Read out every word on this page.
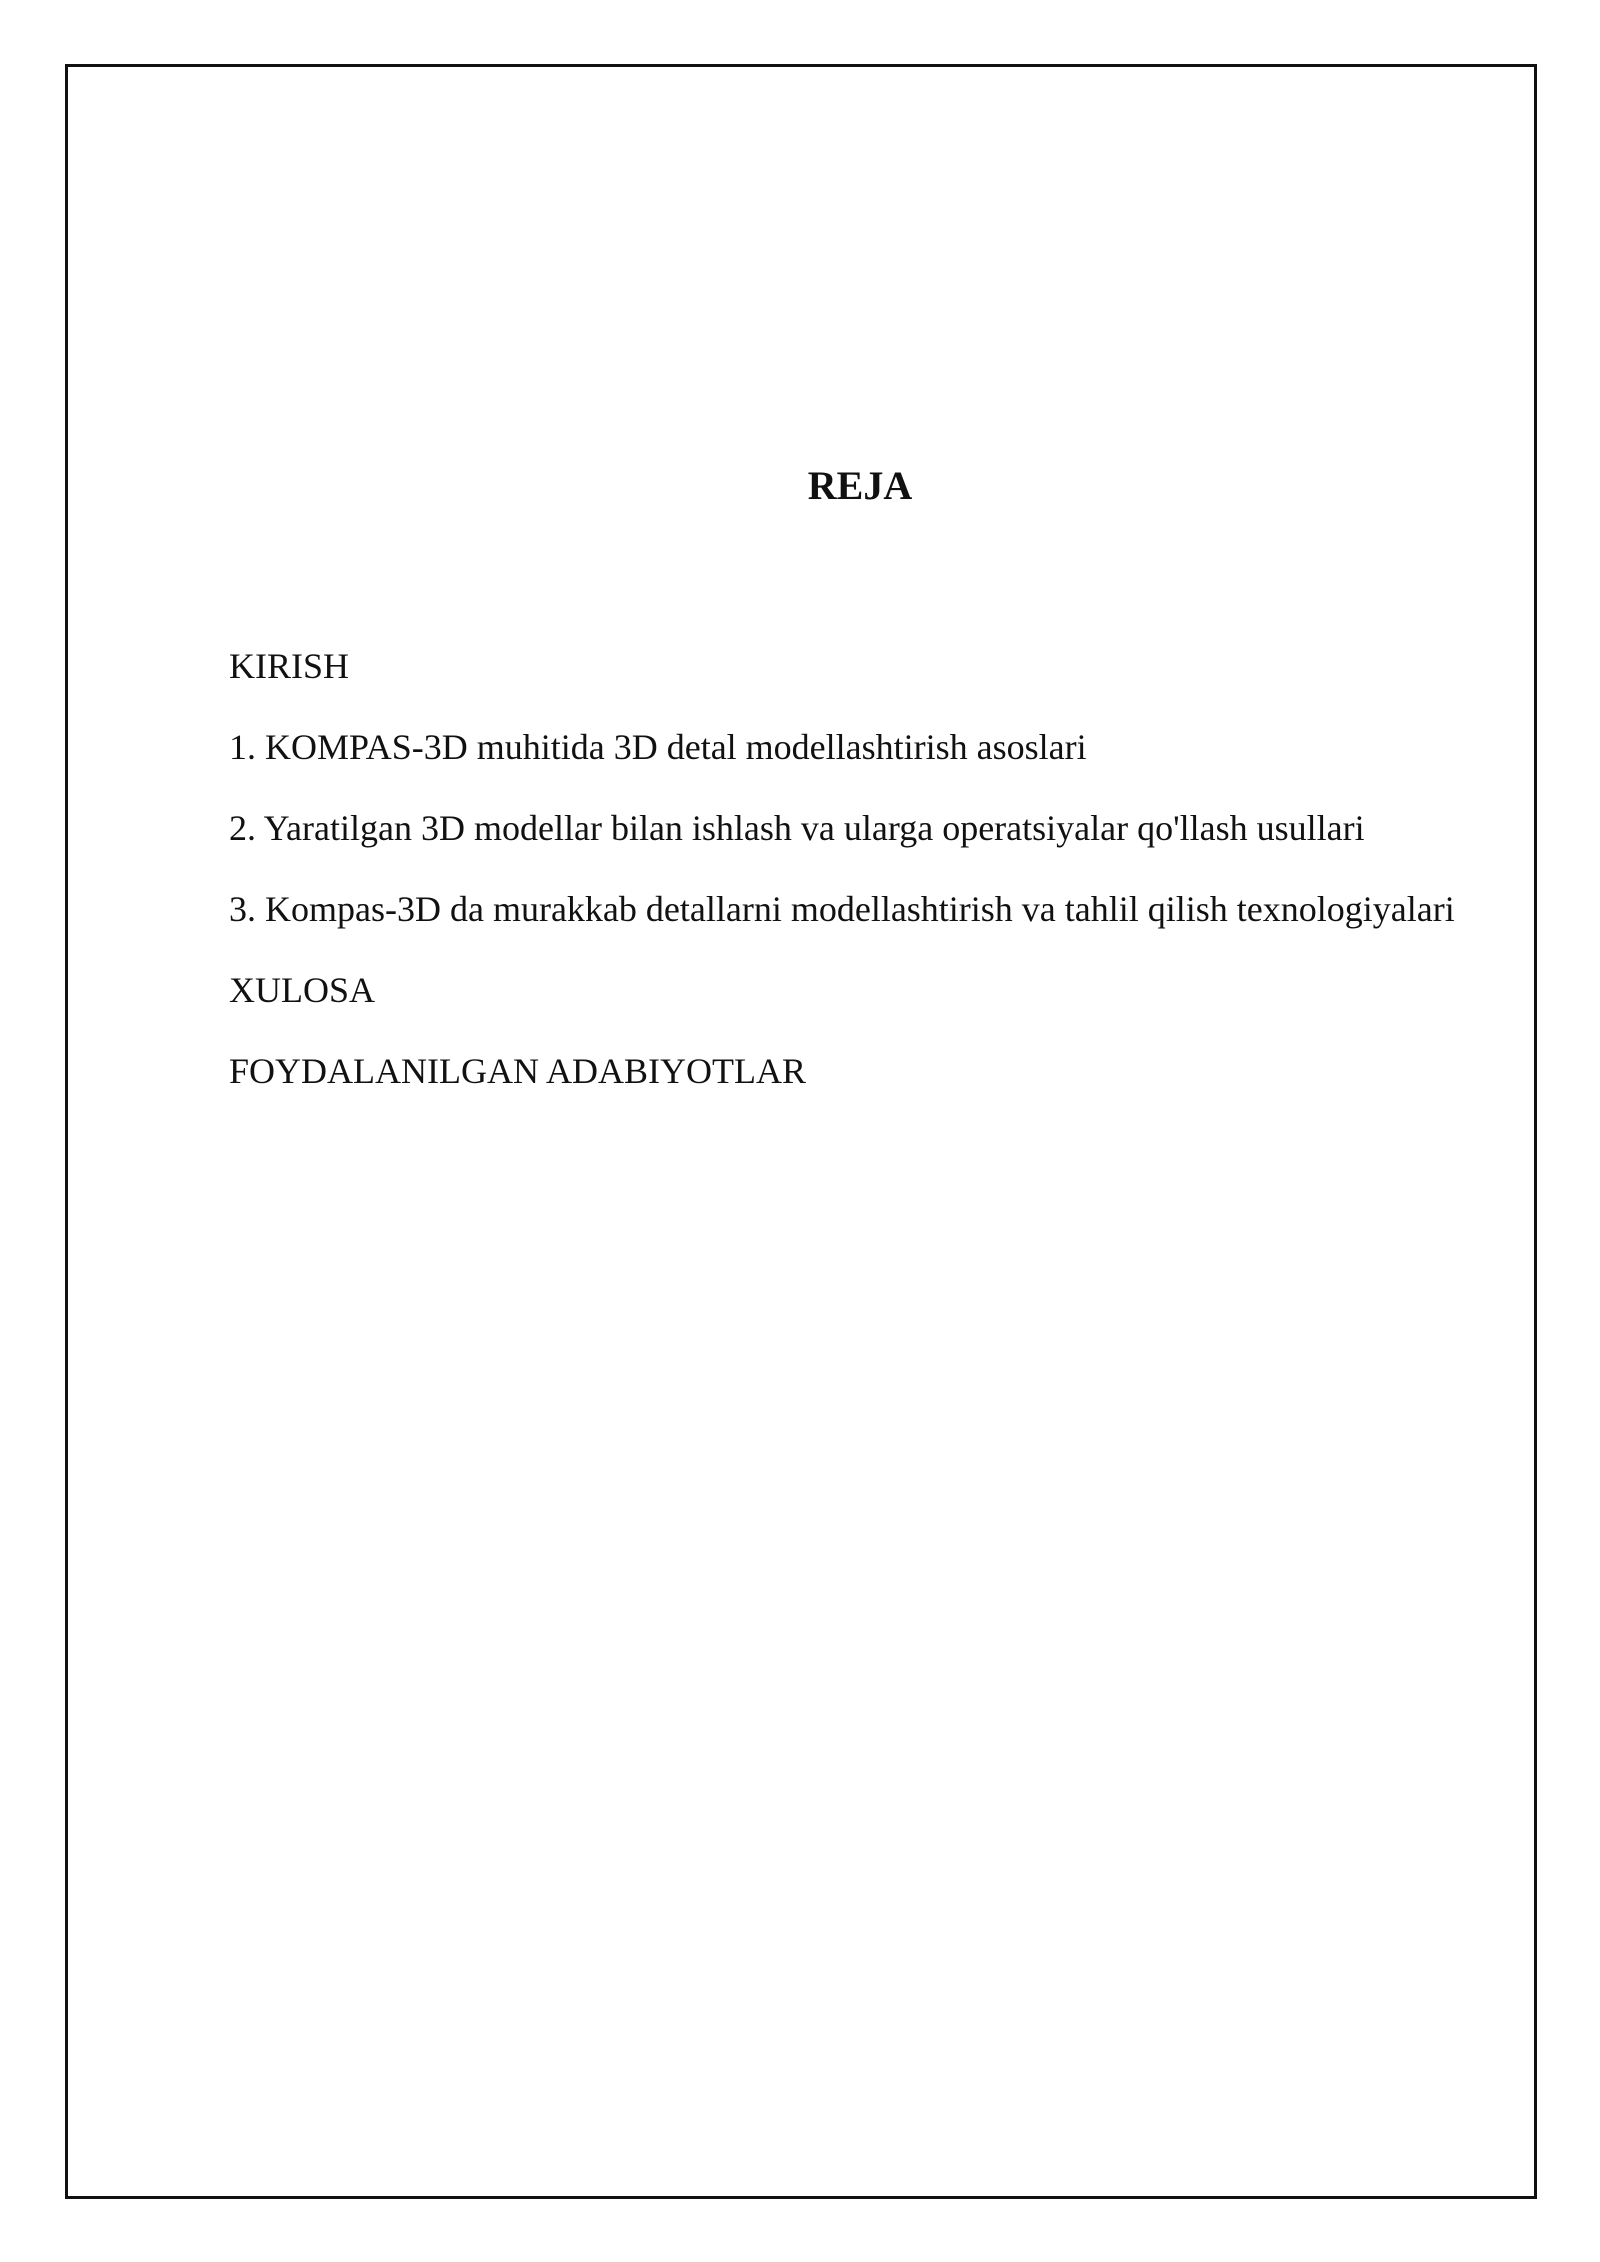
REJA
KIRISH
1. KOMPAS-3D muhitida 3D detal modellashtirish asoslari
2. Yaratilgan 3D modellar bilan ishlash va ularga operatsiyalar qo'llash usullari
3. Kompas-3D da murakkab detallarni modellashtirish va tahlil qilish texnologiyalari
XULOSA
FOYDALANILGAN ADABIYOTLAR
